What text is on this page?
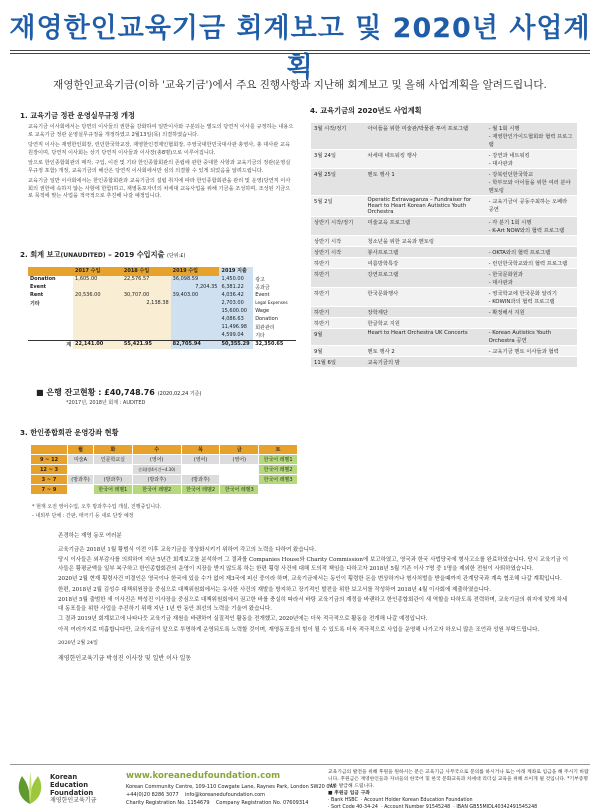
재영한인교육기금 회계보고 및 2020년 사업계획
재영한인교육기금(이하 '교육기금')에서 주요 진행사항과 지난해 회계보고 및 올해 사업계획을 알려드립니다.
1. 교육기금 정관 운영실무규정 개정

교육기금 이사회에서는 당면의 이사들의 권한을 강화하여 일반이사와 구분되는 별도의 당연직 이사를 규정하는 내용으로 교육기금 정관 운영실무규정을 개정하였고 2월13일(목) 의결하였습니다.

당연직 이사는 재영한인회장, 런던한국학교장, 재영한인경제인협회장, 주영국대한민국대사관 총영사, 총 대사관 교육원장이며, 당연직 이사회는 상기 당연직 이사들과 이사장(총8명)으로 이루어집니다.

앞으로 한인종합회관의 매각, 구입, 이전 및 기타 한인종합회관의 존립에 관한 중대한 사항과 교육기금의 정관(운영실무규정 포함) 개정, 교육기금의 해산은 당연직 이사회에서만 심의 의결할 수 있게 되었음을 알려드립니다.

교육기금 일반 이사회에서는 한인종합회관과 교육기금의 설립 취지에 따라 한인종합회관을 관리 및 운영(당연직 이사회의 권한에 속하지 않는 사항에 한함)하고, 재영동포자녀의 차세대 교육사업을 위해 기금을 조성하며, 조성된 기금으로 목적에 맞는 사업을 적극적으로 추진해 나갈 예정입니다.

2. 회계 보고(UNAUDITED) – 2019 수입지출 (단위:£)
	2017 수입	2018 수입	2019 수입	2019 지출	
Donation	1,605.00	22,576.57	36,098.59	1,450.00	광고
Event			7,204.35	6,381.22	공과금
Rent	20,536.00	30,707.00	39,403.00	4,036.42	Event
기타		2,138.38		2,703.00	Legal Expenses
				15,600.00	Wage
				4,086.63	Donation
				11,496.98	회관관리
				4,599.04	기타
계	22,141.00	55,421.95	82,705.94	50,355.29	32,350.65
■ 은행 잔고현황 : £40,748.76 (2020,02,24 기준)
*2017년, 2018년 회계 : AUDITED
3. 한인종합회관 운영강좌 현황
	월	화	수	목	금	토
9 ~ 12	미술A	인문학교실	(영어)	(영어)	(영어)	한국어 레벨1
12 ~ 3			순회(방4시간~4.30)			한국어 레벨2
3 ~ 7	(방과후)	(방과후)	(방과후)	(방과후)		한국어 레벨3
7 ~ 9		한국어 레벨1	한국어 레벨2	한국어 레벨2	한국어 레벨3	
* 현재 오전 영어수업, 오후 방과후수업 개설, 진행중입니다.
- 내외부 단체 : 간판, 태극기 등 새로 단장 예정
4. 교육기금의 2020년도 사업계획
3월 시작/정기	아이들을 위한 미술관/박물관 투어 프로그램	- 월 1회 시행
- 재영한인가이드협회와 협력 프로그램
3월 24일	차세대 네트워킹 행사	- 강연과 네트워킹
- 대사관과
4월 25일	멘토 행사 1	- 강북런던한국학교
- 학부모와 아이들을 위한 여러 분야 멘토링
5월 2일	Operatic Extravaganza – Fundraiser for Heart to Heart Korean Autistics Youth Orchestra	- 교육기금이 공동주최하는 오페라 공연
상반기 시작/정기	미술교육 프로그램	- 각 분기 1회 시행
- K-Art NOW와의 협력 프로그램
상반기 시작	청소년을 위한 교육과 멘토링	
상반기 시작	봉사프로그램	- OKTA와의 협력 프로그램
하반기	여름방학특강	- 런던한국학교와의 협력 프로그램
하반기	강연프로그램	- 한국문화원과
- 대사관과
하반기	한국문화행사	- 영국학교에 한국문화 알리기
- KOWIN과의 협력 프로그램
하반기	장학제단	- 확정해서 지원
하반기	한글학교 지원	
9월	Heart to Heart Orchestra UK Concerts	- Korean Autistics Youth Orchestra 공연
9월	멘토 행사 2	- 교육기금 멘토 이사들과 협력
11월 6일	교육기금의 밤	

존경하는 재영 동포 여러분

교육기금은 2018년 1월 황범식 이전 이후 교육기금을 정상화시키기 위하여 각고의 노력을 다하여 왔습니다.

당시 이사들은 외부감사를 의뢰하여 지난 5년간 회계보고를 분석하여 그 결과를 Companies House와 Charity Commission에 보고하였고, 영국과 한국 사법당국에 형사고소를 완료하였습니다. 당시 교육기금 이사들은 황평균액을 일부 복구하고 한인종합회관의 운영이 지장을 받지 않도록 하는 한편 횡령 사건에 대해 도의적 책임을 다하고자 2018년 5월 기존 이사 7명 중 1명을 제외한 전원이 사퇴하였습니다.

2020년 2월 현재 횡령사건 미결인은 영국이나 한국에 있을 수가 없어 제3국에 피신 중이라 하며, 교육기금에서는 동인이 횡령한 돈을 변상하거나 형사처벌을 받을때까지 관계당국과 계속 협조해 나갈 계획입니다.

한편, 2018년 2월 김성수 대책위원장을 중심으로 대책위원회에서는 유사한 사건의 재발을 방지하고 장기적인 발전을 위한 보고서를 작성하여 2018년 4월 이사회에 제출하였습니다.

2018년 5월 출범한 새 이사진은 박성진 이사장을 중심으로 대책위원회에서 권고한 바를 충실히 따라서 바탕 교육기금의 재정을 바랜하고 한인종합회관이 새 역할을 다하도록 전력하며, 교육기금의 취지에 맞게 차세대 동포들을 위한 사업을 추진하기 위해 지난 1년 반 동안 최선의 노력을 기울여 왔습니다.

그 결과 2019년 회계보고에 나타나듯 교육기금 재원을 바랜하여 실질적인 활동을 전개했고, 2020년에는 더욱 적극적으로 활동을 전개해 나갈 예정입니다.

아직 여러가지로 미흡합니다만, 교육기금이 앞으로 투명하게 운영되도록 노력할 것이며, 재영동포들의 힘이 될 수 있도록 더욱 적극적으로 사업을 운영해 나가고자 하오니 많은 조언과 성원 부탁드립니다.

2020년 2월 24일

재영한인교육기금 박성진 이사장 및 일반 이사 일동

Korean
Education
Foundation
재영한인교육기금
www.koreanedufoundation.com
Korean Community Centre, 109-110 Cowgate Lane, Raynes Park, London SW20 0AY
+44(0)20 8286 3077 info@koreanedufoundation.com
Charity Registration No. 1154679 Company Registration No. 07609314
교육기금의 발전을 위해 후원을 원하시는 분은 교육기금 사무국으로 문의를 하시거나 또는 아래 계좌로 입금을 해 주시기 바랍니다. 후원금은 재영한인들과 자녀들의 한국어 및 한국 문화교육과 차세대 리더십 교육을 위해 쓰이게 될 것입니다. *기부증명서를 발급해 드립니다.
■ 후원금 입금 구좌
· Bank HSBC · Account Holder Korean Education Foundation
· Sort Code 40-34-24 · Account Number 91545248 · IBAN GB55MIDL40342491545248
